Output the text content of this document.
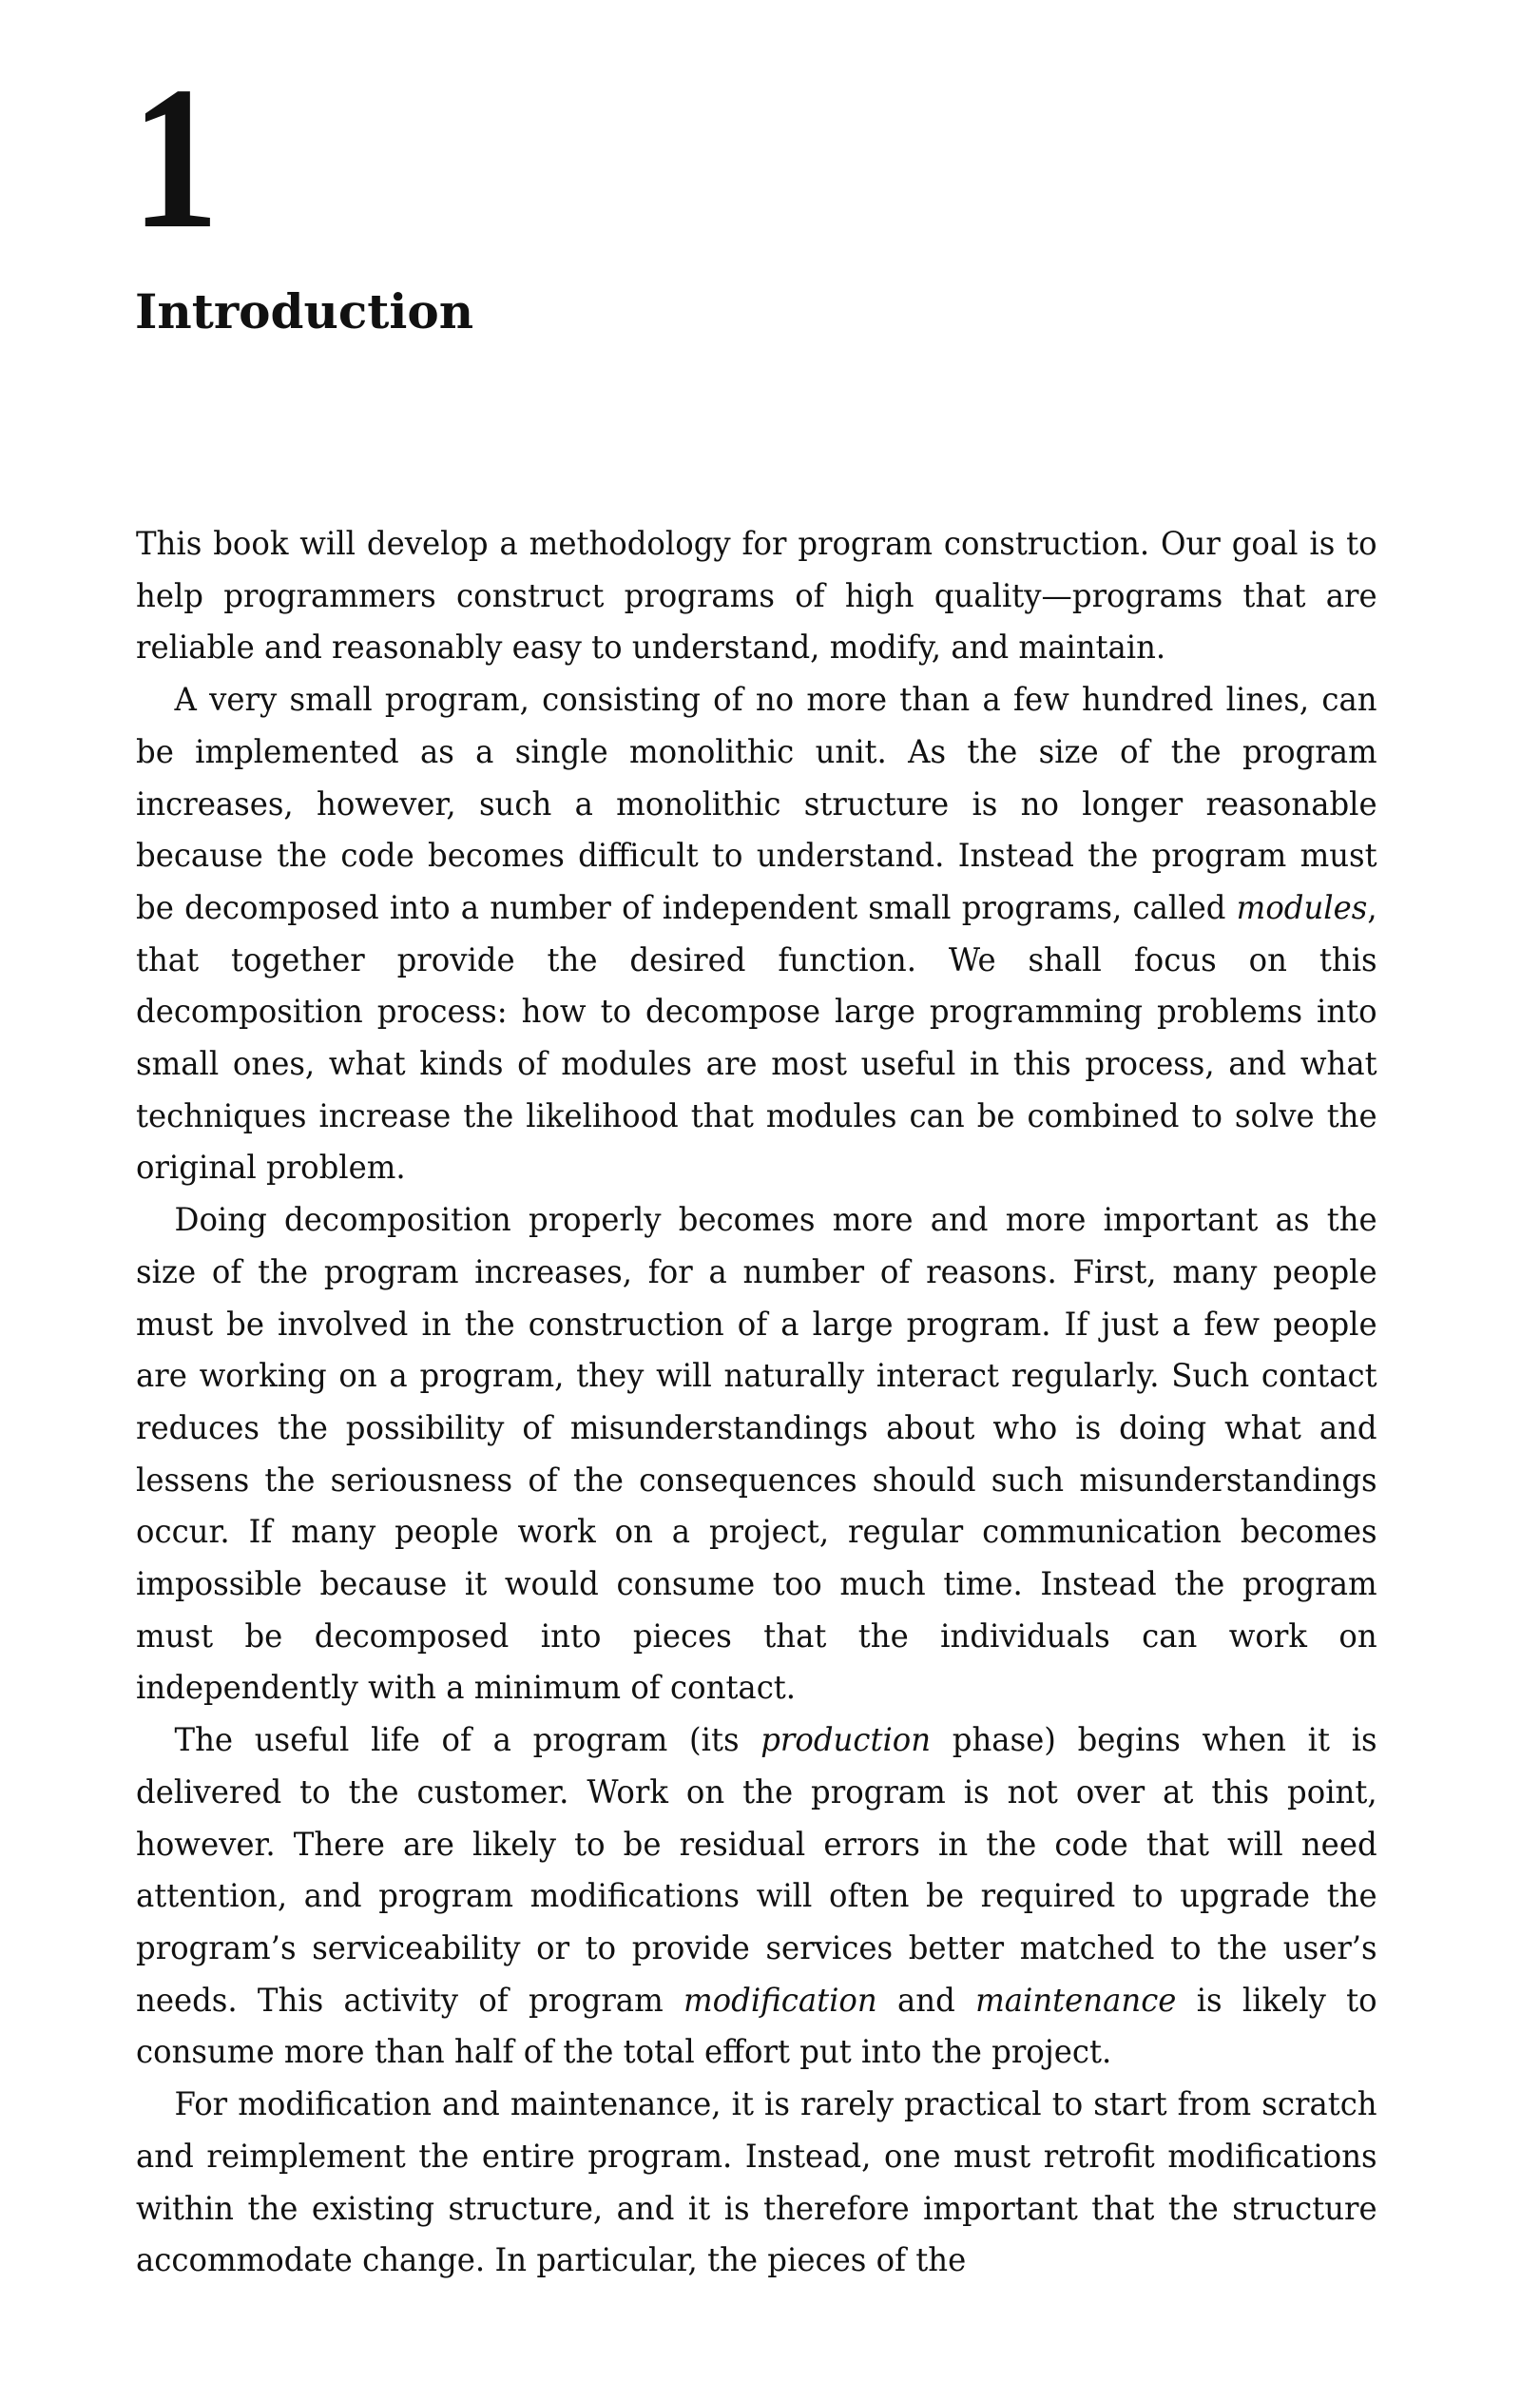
1
Introduction

This book will develop a methodology for program construction. Our goal is to help programmers construct programs of high quality—programs that are reliable and reasonably easy to understand, modify, and maintain.

A very small program, consisting of no more than a few hundred lines, can be implemented as a single monolithic unit. As the size of the program increases, however, such a monolithic structure is no longer reasonable because the code becomes difficult to understand. Instead the program must be decomposed into a number of independent small programs, called modules, that together provide the desired function. We shall focus on this decomposition process: how to decompose large programming problems into small ones, what kinds of modules are most useful in this process, and what techniques increase the likelihood that modules can be combined to solve the original problem.

Doing decomposition properly becomes more and more important as the size of the program increases, for a number of reasons. First, many people must be involved in the construction of a large program. If just a few people are working on a program, they will naturally interact regularly. Such contact reduces the possibility of misunderstandings about who is doing what and lessens the seriousness of the consequences should such misunderstandings occur. If many people work on a project, regular communication becomes impossible because it would consume too much time. Instead the program must be decomposed into pieces that the individuals can work on independently with a minimum of contact.

The useful life of a program (its production phase) begins when it is delivered to the customer. Work on the program is not over at this point, however. There are likely to be residual errors in the code that will need attention, and program modifications will often be required to upgrade the program’s serviceability or to provide services better matched to the user’s needs. This activity of program modification and maintenance is likely to consume more than half of the total effort put into the project.

For modification and maintenance, it is rarely practical to start from scratch and reimplement the entire program. Instead, one must retrofit modifications within the existing structure, and it is therefore important that the structure accommodate change. In particular, the pieces of the
